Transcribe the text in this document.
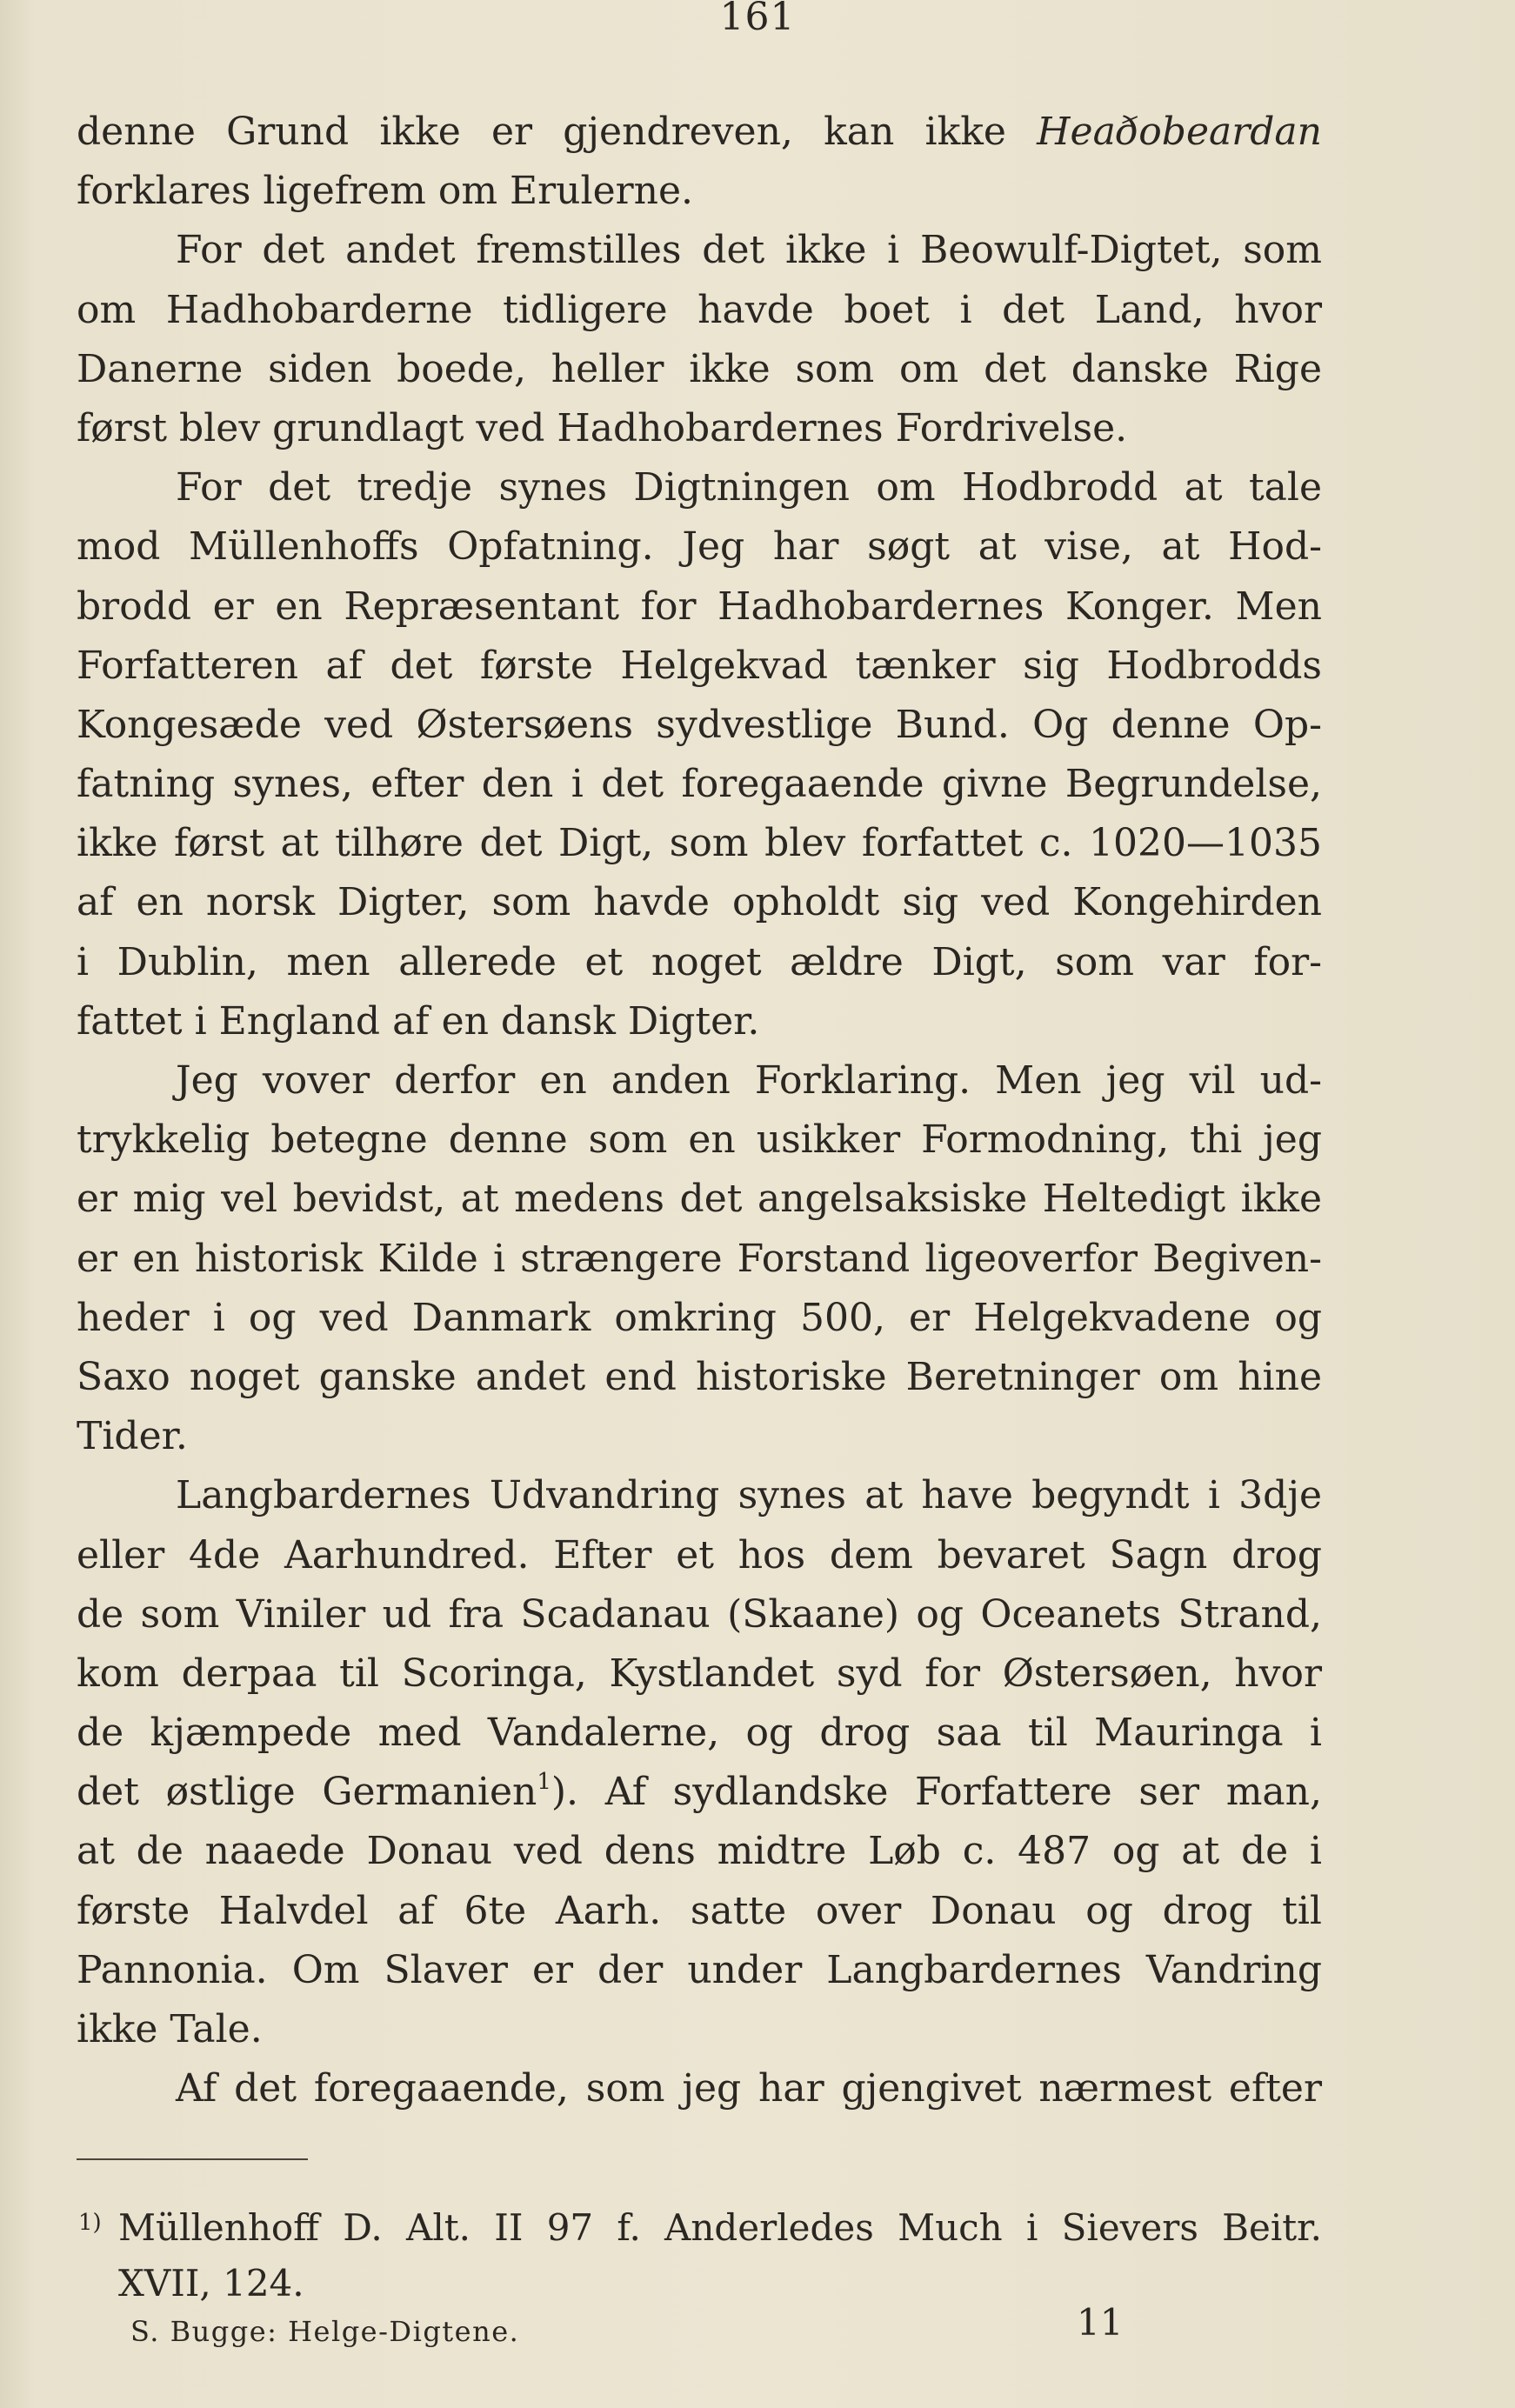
161
denne Grund ikke er gjendreven, kan ikke Heaðobeardan
forklares ligefrem om Erulerne.
For det andet fremstilles det ikke i Beowulf-Digtet, som
om Hadhobarderne tidligere havde boet i det Land, hvor
Danerne siden boede, heller ikke som om det danske Rige
først blev grundlagt ved Hadhobardernes Fordrivelse.
For det tredje synes Digtningen om Hodbrodd at tale
mod Müllenhoffs Opfatning. Jeg har søgt at vise, at Hod-
brodd er en Repræsentant for Hadhobardernes Konger. Men
Forfatteren af det første Helgekvad tænker sig Hodbrodds
Kongesæde ved Østersøens sydvestlige Bund. Og denne Op-
fatning synes, efter den i det foregaaende givne Begrundelse,
ikke først at tilhøre det Digt, som blev forfattet c. 1020—1035
af en norsk Digter, som havde opholdt sig ved Kongehirden
i Dublin, men allerede et noget ældre Digt, som var for-
fattet i England af en dansk Digter.
Jeg vover derfor en anden Forklaring. Men jeg vil ud-
trykkelig betegne denne som en usikker Formodning, thi jeg
er mig vel bevidst, at medens det angelsaksiske Heltedigt ikke
er en historisk Kilde i strængere Forstand ligeoverfor Begiven-
heder i og ved Danmark omkring 500, er Helgekvadene og
Saxo noget ganske andet end historiske Beretninger om hine
Tider.
Langbardernes Udvandring synes at have begyndt i 3dje
eller 4de Aarhundred. Efter et hos dem bevaret Sagn drog
de som Viniler ud fra Scadanau (Skaane) og Oceanets Strand,
kom derpaa til Scoringa, Kystlandet syd for Østersøen, hvor
de kjæmpede med Vandalerne, og drog saa til Mauringa i
det østlige Germanien$^1$). Af sydlandske Forfattere ser man,
at de naaede Donau ved dens midtre Løb c. 487 og at de i
første Halvdel af 6te Aarh. satte over Donau og drog til
Pannonia. Om Slaver er der under Langbardernes Vandring
ikke Tale.
Af det foregaaende, som jeg har gjengivet nærmest efter
1) Müllenhoff D. Alt. II 97 f. Anderledes Much i Sievers Beitr.
XVII, 124.
S. Bugge: Helge-Digtene.	11
